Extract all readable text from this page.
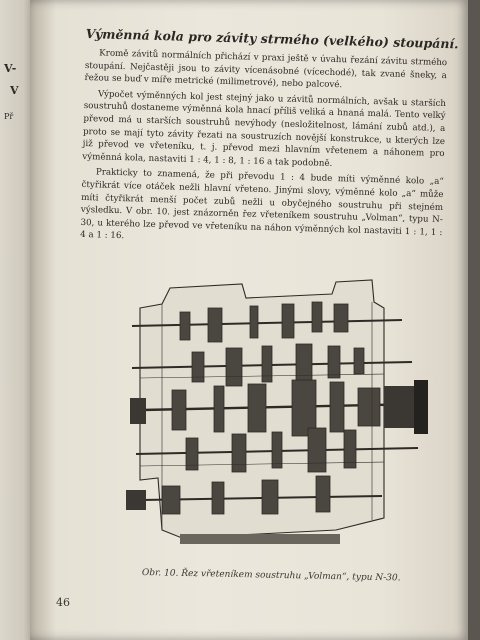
V-
V
Př
Výměnná kola pro závity strmého (velkého) stoupání.

Kromě závitů normálních přichází v praxi ještě v úvahu řezání závitu strmého stoupání. Nejčastěji jsou to závity vícenásobné (vícechodé), tak zvané šneky, a řežou se buď v míře metrické (milimetrové), nebo palcové.

Výpočet výměnných kol jest stejný jako u závitů normálních, avšak u starších soustruhů dostaneme výměnná kola hnací příliš veliká a hnaná malá. Tento velký převod má u starších soustruhů nevýhody (nesložitelnost, lámání zubů atd.), a proto se mají tyto závity řezati na soustruzích novější konstrukce, u kterých lze již převod ve vřeteníku, t. j. převod mezi hlavním vřetenem a náhonem pro výměnná kola, nastaviti 1 : 4, 1 : 8, 1 : 16 a tak podobně.

Prakticky to znamená, že při převodu 1 : 4 bude míti výměnné kolo „a“ čtyřikrát více otáček nežli hlavní vřeteno. Jinými slovy, výměnné kolo „a“ může míti čtyřikrát menší počet zubů nežli u obyčejného soustruhu při stejném výsledku. V obr. 10. jest znázorněn řez vřeteníkem soustruhu „Volman“, typu N-30, u kterého lze převod ve vřeteníku na náhon výměnných kol nastaviti 1 : 1, 1 : 4 a 1 : 16.

Obr. 10. Řez vřeteníkem soustruhu „Volman“, typu N-30.
46
